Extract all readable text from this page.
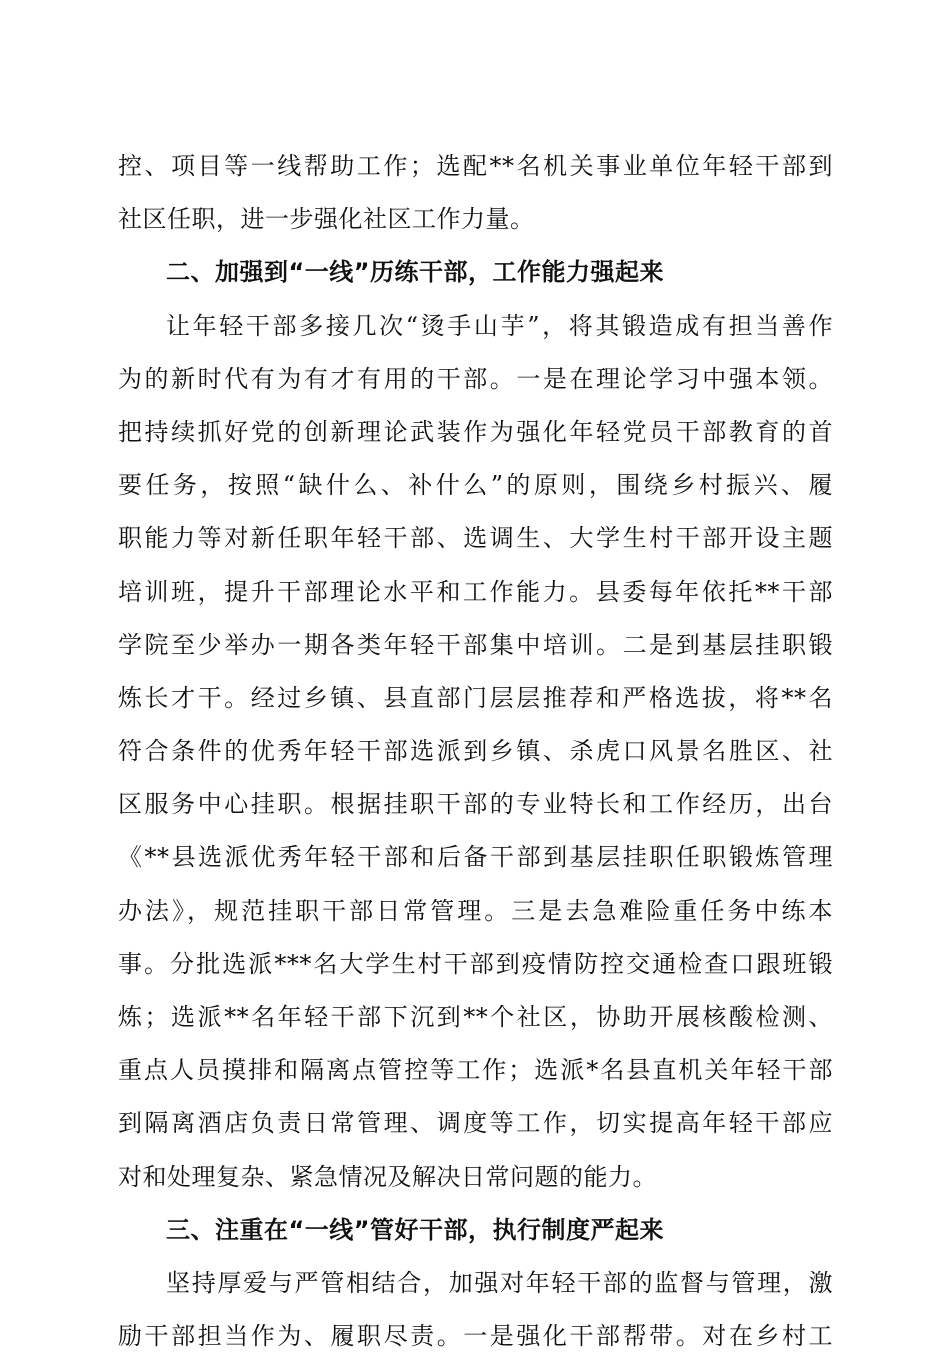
控、项目等一线帮助工作；选配**名机关事业单位年轻干部到
社区任职，进一步强化社区工作力量。
二、加强到“一线”历练干部，工作能力强起来
让年轻干部多接几次“烫手山芋”，将其锻造成有担当善作
为的新时代有为有才有用的干部。一是在理论学习中强本领。
把持续抓好党的创新理论武装作为强化年轻党员干部教育的首
要任务，按照“缺什么、补什么”的原则，围绕乡村振兴、履
职能力等对新任职年轻干部、选调生、大学生村干部开设主题
培训班，提升干部理论水平和工作能力。县委每年依托**干部
学院至少举办一期各类年轻干部集中培训。二是到基层挂职锻
炼长才干。经过乡镇、县直部门层层推荐和严格选拔，将**名
符合条件的优秀年轻干部选派到乡镇、杀虎口风景名胜区、社
区服务中心挂职。根据挂职干部的专业特长和工作经历，出台
《**县选派优秀年轻干部和后备干部到基层挂职任职锻炼管理
办法》，规范挂职干部日常管理。三是去急难险重任务中练本
事。分批选派***名大学生村干部到疫情防控交通检查口跟班锻
炼；选派**名年轻干部下沉到**个社区，协助开展核酸检测、
重点人员摸排和隔离点管控等工作；选派*名县直机关年轻干部
到隔离酒店负责日常管理、调度等工作，切实提高年轻干部应
对和处理复杂、紧急情况及解决日常问题的能力。
三、注重在“一线”管好干部，执行制度严起来
坚持厚爱与严管相结合，加强对年轻干部的监督与管理，激
励干部担当作为、履职尽责。一是强化干部帮带。对在乡村工
